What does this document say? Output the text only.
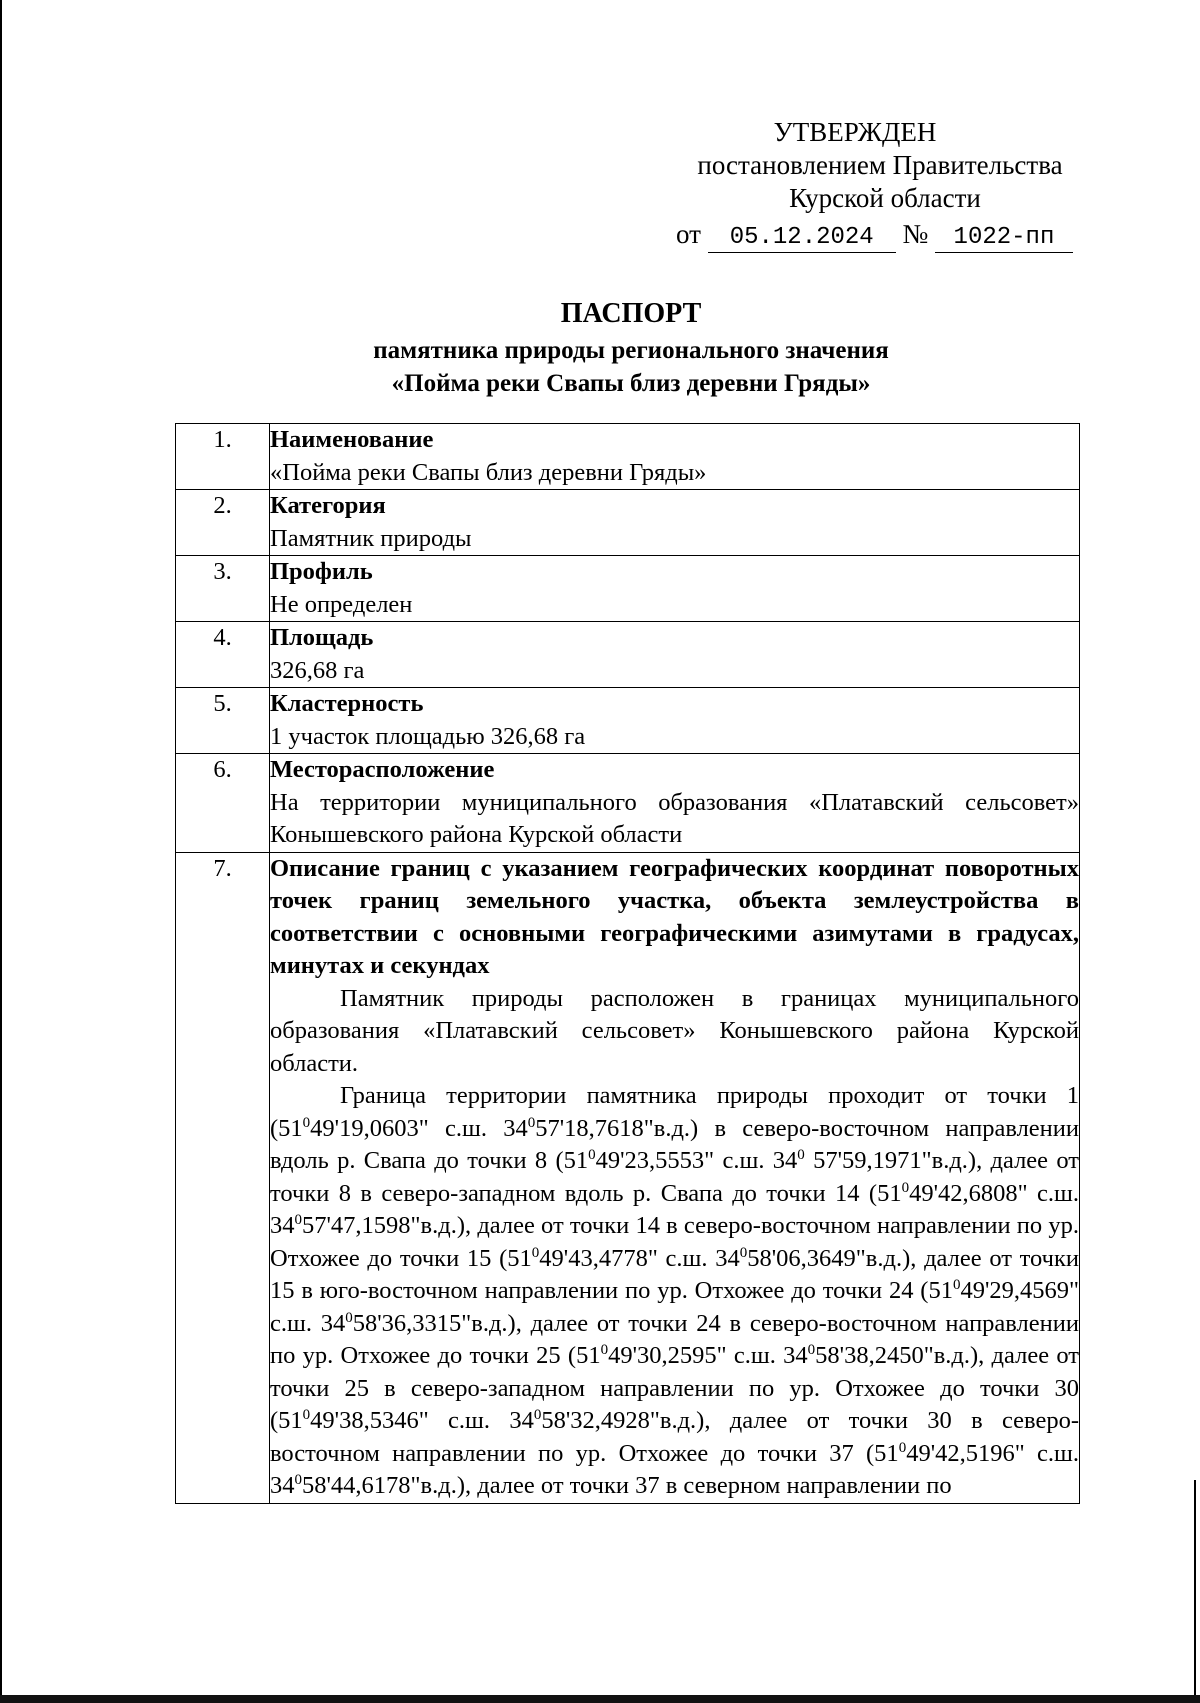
УТВЕРЖДЕН
постановлением Правительства
Курской области
от 05.12.2024 № 1022-пп
ПАСПОРТ
памятника природы регионального значения
«Пойма реки Свапы близ деревни Гряды»
1.	Наименование
«Пойма реки Свапы близ деревни Гряды»

2.	Категория
Памятник природы

3.	Профиль
Не определен

4.	Площадь
326,68 га

5.	Кластерность
1 участок площадью 326,68 га

6.	Месторасположение
На территории муниципального образования «Платавский сельсовет» Конышевского района Курской области

7.	Описание границ с указанием географических координат поворотных точек границ земельного участка, объекта землеустройства в соответствии с основными географическими азимутами в градусах, минутах и секундах
Памятник природы расположен в границах муниципального образования «Платавский сельсовет» Конышевского района Курской области.
Граница территории памятника природы проходит от точки 1 ($51^049'19,0603$" с.ш. $34^057'18,7618"в.д$.) в северо-восточном направлении вдоль р. Свапа до точки 8 ($51^049'23,5553$" с.ш. $34^0$ 57'59,1971"в.д.), далее от точки 8 в северо-западном вдоль р. Свапа до точки 14 ($51^049'42,6808$" с.ш. $34^057'47,1598"в.д$.), далее от точки 14 в северо-восточном направлении по ур. Отхожее до точки 15 ($51^049'43,4778$" с.ш. $34^058'06,3649"в.д$.), далее от точки 15 в юго-восточном направлении по ур. Отхожее до точки 24 ($51^049'29,4569$" с.ш. $34^058'36,3315"в.д$.), далее от точки 24 в северо-восточном направлении по ур. Отхожее до точки 25 ($51^049'30,2595$" с.ш. $34^058'38,2450"в.д$.), далее от точки 25 в северо-западном направлении по ур. Отхожее до точки 30 ($51^049'38,5346$" с.ш. $34^058'32,4928"в.д$.), далее от точки 30 в северо-восточном направлении по ур. Отхожее до точки 37 ($51^049'42,5196$" с.ш. $34^058'44,6178"в.д$.), далее от точки 37 в северном направлении по
